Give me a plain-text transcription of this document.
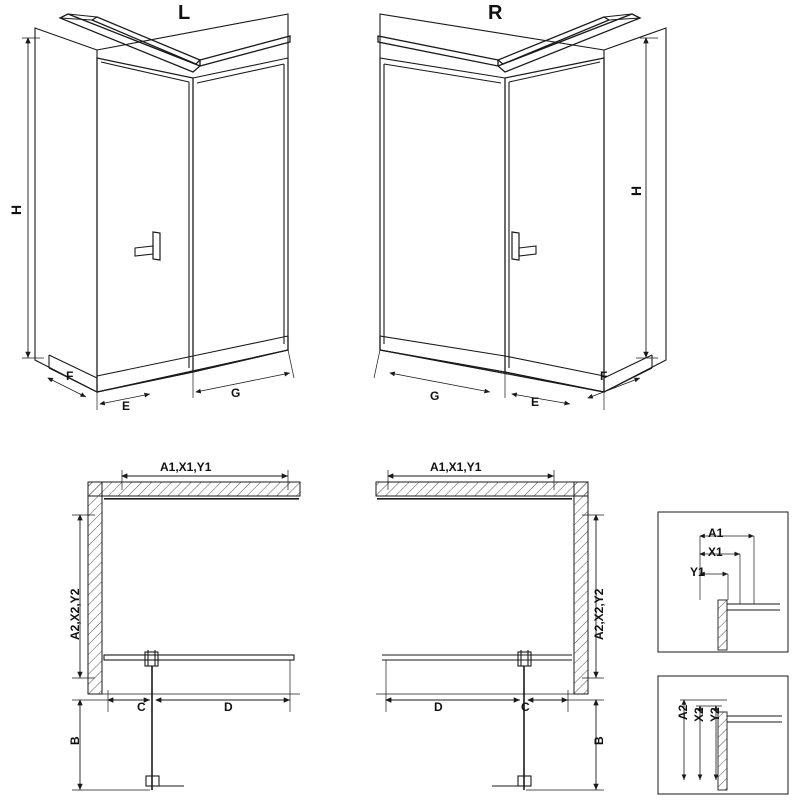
L	R
H
H
F
E
G	G	E
F
A1,X1,Y1
A2,X2,Y2
C	D
B
A1,X1,Y1
A2,X2,Y2
D	C
B
A1
X1
Y1
A2 X2 Y2
